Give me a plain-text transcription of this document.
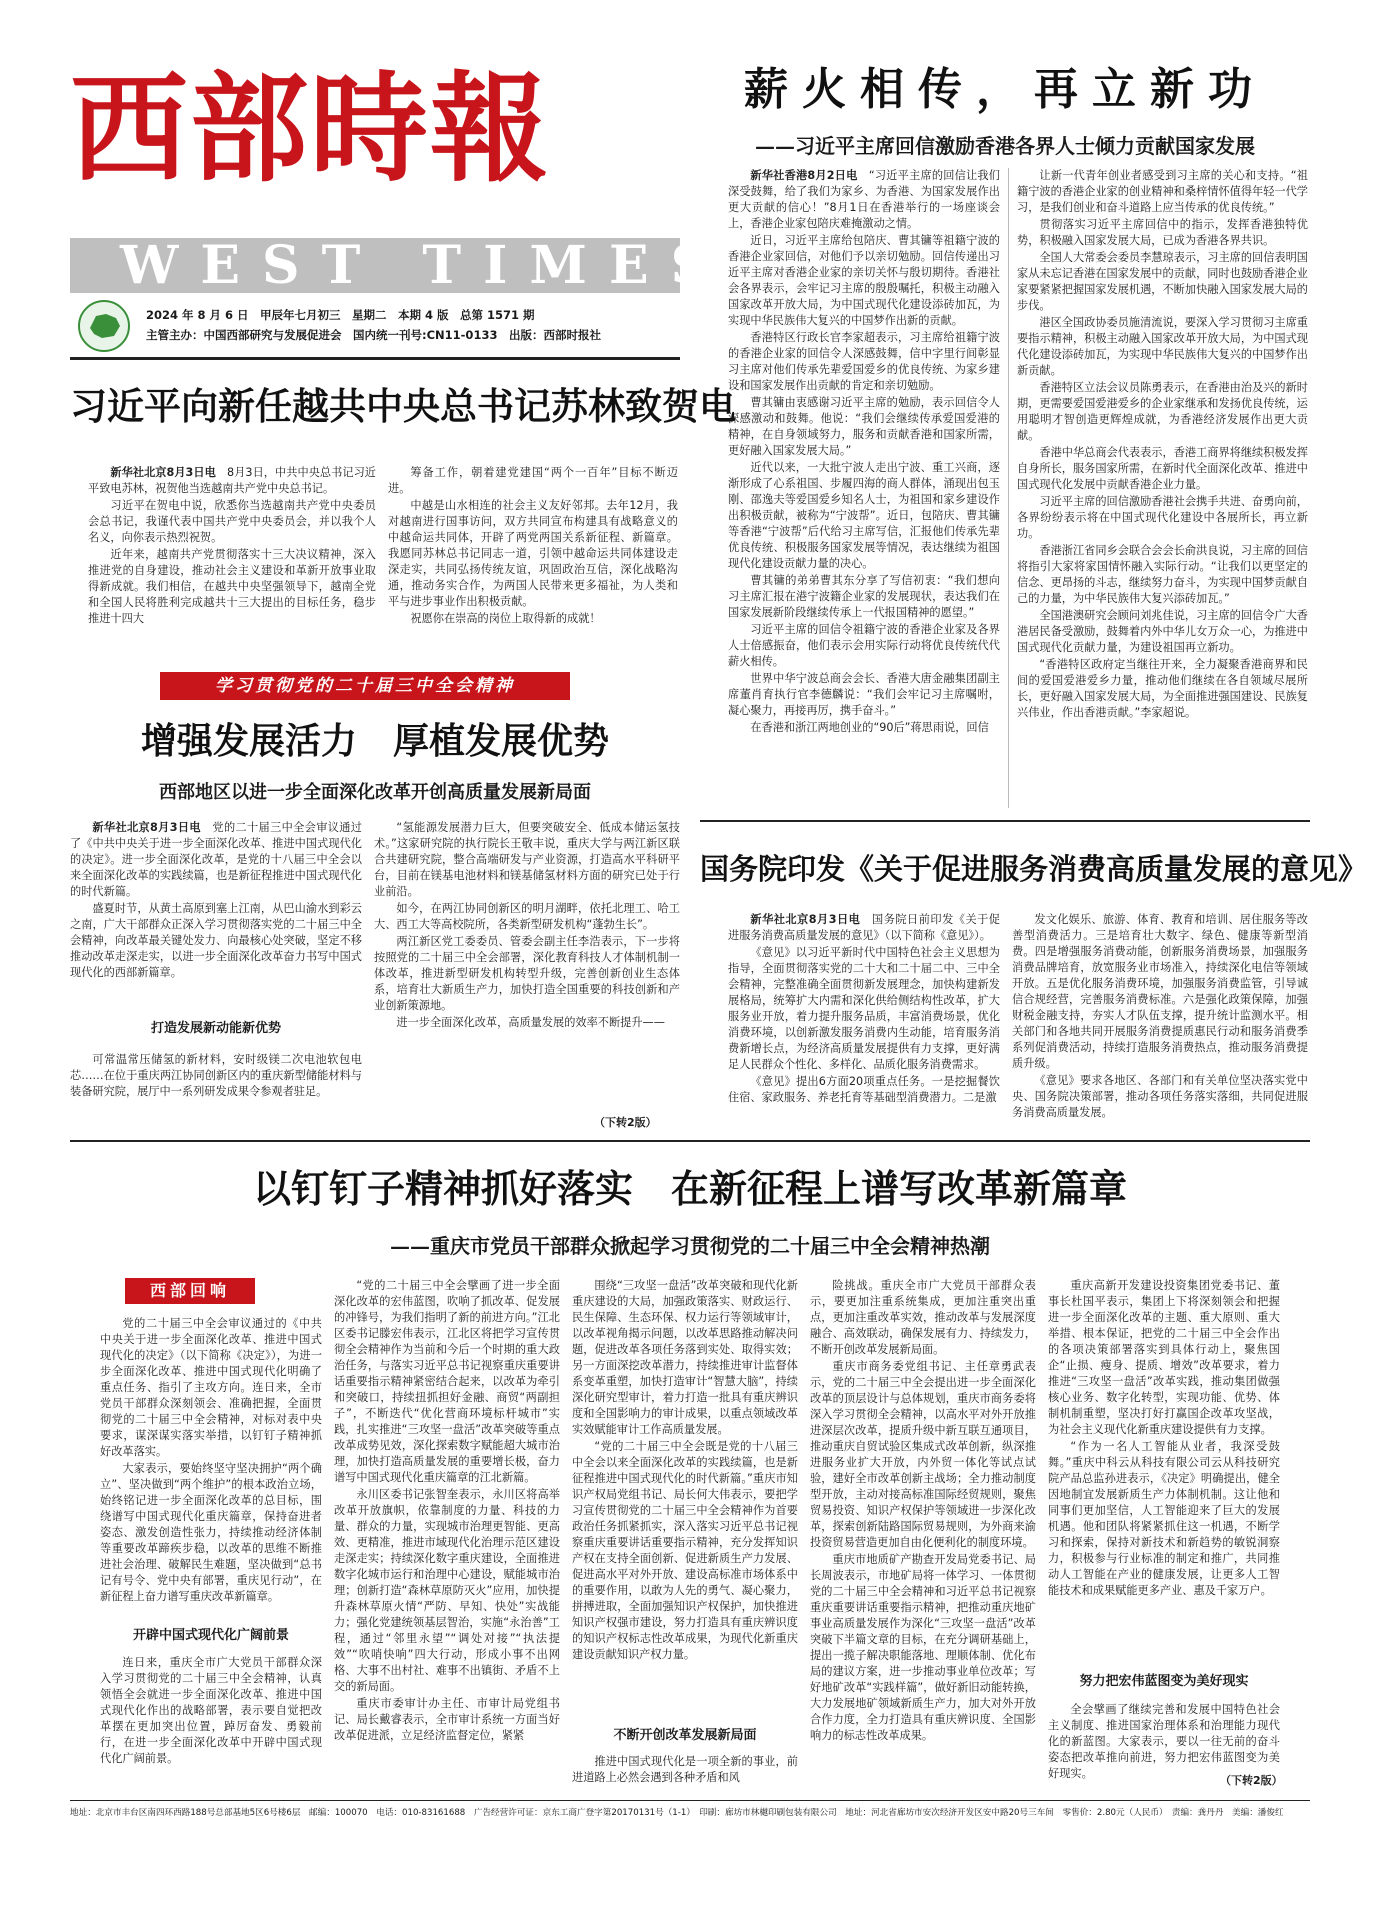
西部時報
WEST TIMES
2024 年 8 月 6 日　甲辰年七月初三　星期二　本期 4 版　总第 1571 期
主管主办：中国西部研究与发展促进会　国内统一刊号:CN11-0133　出版：西部时报社
薪火相传，再立新功
——习近平主席回信激励香港各界人士倾力贡献国家发展

新华社香港8月2日电　“习近平主席的回信让我们深受鼓舞，给了我们为家乡、为香港、为国家发展作出更大贡献的信心！”8月1日在香港举行的一场座谈会上，香港企业家包陪庆难掩激动之情。

近日，习近平主席给包陪庆、曹其镛等祖籍宁波的香港企业家回信，对他们予以亲切勉励。回信传递出习近平主席对香港企业家的亲切关怀与殷切期待。香港社会各界表示，会牢记习主席的殷殷嘱托，积极主动融入国家改革开放大局，为中国式现代化建设添砖加瓦，为实现中华民族伟大复兴的中国梦作出新的贡献。

香港特区行政长官李家超表示，习主席给祖籍宁波的香港企业家的回信令人深感鼓舞，信中字里行间彰显习主席对他们传承先辈爱国爱乡的优良传统、为家乡建设和国家发展作出贡献的肯定和亲切勉励。

曹其镛由衷感谢习近平主席的勉励，表示回信令人深感激动和鼓舞。他说：“我们会继续传承爱国爱港的精神，在自身领域努力，服务和贡献香港和国家所需，更好融入国家发展大局。”

近代以来，一大批宁波人走出宁波、重工兴商，逐渐形成了心系祖国、步履四海的商人群体，涌现出包玉刚、邵逸夫等爱国爱乡知名人士，为祖国和家乡建设作出积极贡献，被称为“宁波帮”。近日，包陪庆、曹其镛等香港“宁波帮”后代给习主席写信，汇报他们传承先辈优良传统、积极服务国家发展等情况，表达继续为祖国现代化建设贡献力量的决心。

曹其镛的弟弟曹其东分享了写信初衷：“我们想向习主席汇报在港宁波籍企业家的发展现状，表达我们在国家发展新阶段继续传承上一代报国精神的愿望。”

习近平主席的回信令祖籍宁波的香港企业家及各界人士倍感振奋，他们表示会用实际行动将优良传统代代薪火相传。

世界中华宁波总商会会长、香港大唐金融集团副主席董肖育执行官李德麟说：“我们会牢记习主席嘱咐，凝心聚力，再接再厉，携手奋斗。”

在香港和浙江两地创业的“90后”蒋思雨说，回信

让新一代青年创业者感受到习主席的关心和支持。“祖籍宁波的香港企业家的创业精神和桑梓情怀值得年轻一代学习，是我们创业和奋斗道路上应当传承的优良传统。”

贯彻落实习近平主席回信中的指示，发挥香港独特优势，积极融入国家发展大局，已成为香港各界共识。

全国人大常委会委员李慧琼表示，习主席的回信表明国家从未忘记香港在国家发展中的贡献，同时也鼓励香港企业家要紧紧把握国家发展机遇，不断加快融入国家发展大局的步伐。

港区全国政协委员施清流说，要深入学习贯彻习主席重要指示精神，积极主动融入国家改革开放大局，为中国式现代化建设添砖加瓦，为实现中华民族伟大复兴的中国梦作出新贡献。

香港特区立法会议员陈勇表示，在香港由治及兴的新时期，更需要爱国爱港爱乡的企业家继承和发扬优良传统，运用聪明才智创造更辉煌成就，为香港经济发展作出更大贡献。

香港中华总商会代表表示，香港工商界将继续积极发挥自身所长，服务国家所需，在新时代全面深化改革、推进中国式现代化发展中贡献香港企业力量。

习近平主席的回信激励香港社会携手共进、奋勇向前，各界纷纷表示将在中国式现代化建设中各展所长，再立新功。

香港浙江省同乡会联合会会长俞洪良说，习主席的回信将指引大家将家国情怀融入实际行动。“让我们以更坚定的信念、更昂扬的斗志，继续努力奋斗，为实现中国梦贡献自己的力量，为中华民族伟大复兴添砖加瓦。”

全国港澳研究会顾问刘兆佳说，习主席的回信令广大香港居民备受激励，鼓舞着内外中华儿女万众一心，为推进中国式现代化贡献力量，为建设祖国再立新功。

“香港特区政府定当继往开来，全力凝聚香港商界和民间的爱国爱港爱乡力量，推动他们继续在各自领域尽展所长，更好融入国家发展大局，为全面推进强国建设、民族复兴伟业，作出香港贡献。”李家超说。

习近平向新任越共中央总书记苏林致贺电

新华社北京8月3日电　8月3日，中共中央总书记习近平致电苏林，祝贺他当选越南共产党中央总书记。

习近平在贺电中说，欣悉你当选越南共产党中央委员会总书记，我谨代表中国共产党中央委员会，并以我个人名义，向你表示热烈祝贺。

近年来，越南共产党贯彻落实十三大决议精神，深入推进党的自身建设，推动社会主义建设和革新开放事业取得新成就。我们相信，在越共中央坚强领导下，越南全党和全国人民将胜利完成越共十三大提出的目标任务，稳步推进十四大

筹备工作，朝着建党建国“两个一百年”目标不断迈进。

中越是山水相连的社会主义友好邻邦。去年12月，我对越南进行国事访问，双方共同宣布构建具有战略意义的中越命运共同体，开辟了两党两国关系新征程、新篇章。我愿同苏林总书记同志一道，引领中越命运共同体建设走深走实，共同弘扬传统友谊，巩固政治互信，深化战略沟通，推动务实合作，为两国人民带来更多福祉，为人类和平与进步事业作出积极贡献。

祝愿你在崇高的岗位上取得新的成就！

学习贯彻党的二十届三中全会精神
增强发展活力　厚植发展优势
西部地区以进一步全面深化改革开创高质量发展新局面

新华社北京8月3日电　党的二十届三中全会审议通过了《中共中央关于进一步全面深化改革、推进中国式现代化的决定》。进一步全面深化改革，是党的十八届三中全会以来全面深化改革的实践续篇，也是新征程推进中国式现代化的时代新篇。

盛夏时节，从黄土高原到塞上江南，从巴山渝水到彩云之南，广大干部群众正深入学习贯彻落实党的二十届三中全会精神，向改革最关键处发力、向最核心处突破，坚定不移推动改革走深走实，以进一步全面深化改革奋力书写中国式现代化的西部新篇章。

打造发展新动能新优势

可常温常压储氢的新材料，安时级镁二次电池软包电芯……在位于重庆两江协同创新区内的重庆新型储能材料与装备研究院，展厅中一系列研发成果令参观者驻足。

“氢能源发展潜力巨大，但要突破安全、低成本储运氢技术。”这家研究院的执行院长王敬丰说，重庆大学与两江新区联合共建研究院，整合高端研发与产业资源，打造高水平科研平台，目前在镁基电池材料和镁基储氢材料方面的研究已处于行业前沿。

如今，在两江协同创新区的明月湖畔，依托北理工、哈工大、西工大等高校院所，各类新型研发机构“蓬勃生长”。

两江新区党工委委员、管委会副主任李浩表示，下一步将按照党的二十届三中全会部署，深化教育科技人才体制机制一体改革，推进新型研发机构转型升级，完善创新创业生态体系，培育壮大新质生产力，加快打造全国重要的科技创新和产业创新策源地。

进一步全面深化改革，高质量发展的效率不断提升——

（下转2版）
国务院印发《关于促进服务消费高质量发展的意见》

新华社北京8月3日电　国务院日前印发《关于促进服务消费高质量发展的意见》（以下简称《意见》）。

《意见》以习近平新时代中国特色社会主义思想为指导，全面贯彻落实党的二十大和二十届二中、三中全会精神，完整准确全面贯彻新发展理念，加快构建新发展格局，统筹扩大内需和深化供给侧结构性改革，扩大服务业开放，着力提升服务品质，丰富消费场景，优化消费环境，以创新激发服务消费内生动能，培育服务消费新增长点，为经济高质量发展提供有力支撑，更好满足人民群众个性化、多样化、品质化服务消费需求。

《意见》提出6方面20项重点任务。一是挖掘餐饮住宿、家政服务、养老托育等基础型消费潜力。二是激

发文化娱乐、旅游、体育、教育和培训、居住服务等改善型消费活力。三是培育壮大数字、绿色、健康等新型消费。四是增强服务消费动能，创新服务消费场景，加强服务消费品牌培育，放宽服务业市场准入，持续深化电信等领域开放。五是优化服务消费环境，加强服务消费监管，引导诚信合规经营，完善服务消费标准。六是强化政策保障，加强财税金融支持，夯实人才队伍支撑，提升统计监测水平。相关部门和各地共同开展服务消费提质惠民行动和服务消费季系列促消费活动，持续打造服务消费热点，推动服务消费提质升级。

《意见》要求各地区、各部门和有关单位坚决落实党中央、国务院决策部署，推动各项任务落实落细，共同促进服务消费高质量发展。

以钉钉子精神抓好落实　在新征程上谱写改革新篇章
——重庆市党员干部群众掀起学习贯彻党的二十届三中全会精神热潮
西部回响

党的二十届三中全会审议通过的《中共中央关于进一步全面深化改革、推进中国式现代化的决定》（以下简称《决定》），为进一步全面深化改革、推进中国式现代化明确了重点任务、指引了主攻方向。连日来，全市党员干部群众深刻领会、准确把握，全面贯彻党的二十届三中全会精神，对标对表中央要求，谋深谋实落实举措，以钉钉子精神抓好改革落实。

大家表示，要始终坚守坚决拥护“两个确立”、坚决做到“两个维护”的根本政治立场，始终铭记进一步全面深化改革的总目标，围绕谱写中国式现代化重庆篇章，保持奋进者姿态、激发创造性张力，持续推动经济体制等重要改革蹄疾步稳，以改革的思维不断推进社会治理、破解民生难题，坚决做到“总书记有号令、党中央有部署，重庆见行动”，在新征程上奋力谱写重庆改革新篇章。

开辟中国式现代化广阔前景

连日来，重庆全市广大党员干部群众深入学习贯彻党的二十届三中全会精神，认真领悟全会就进一步全面深化改革、推进中国式现代化作出的战略部署，表示要自觉把改革摆在更加突出位置，踔厉奋发、勇毅前行，在进一步全面深化改革中开辟中国式现代化广阔前景。

“党的二十届三中全会擘画了进一步全面深化改革的宏伟蓝图，吹响了抓改革、促发展的冲锋号，为我们指明了新的前进方向。”江北区委书记滕宏伟表示，江北区将把学习宣传贯彻全会精神作为当前和今后一个时期的重大政治任务，与落实习近平总书记视察重庆重要讲话重要指示精神紧密结合起来，以改革为牵引和突破口，持续扭抓担好金融、商贸“两副担子”，不断迭代“优化营商环境标杆城市”实践，扎实推进“三攻坚一盘活”改革突破等重点改革成势见效，深化探索数字赋能超大城市治理，加快打造高质量发展的重要增长极，奋力谱写中国式现代化重庆篇章的江北新篇。

永川区委书记张智奎表示，永川区将高举改革开放旗帜，依靠制度的力量、科技的力量、群众的力量，实现城市治理更智能、更高效、更精准，推进市域现代化治理示范区建设走深走实；持续深化数字重庆建设，全面推进数字化城市运行和治理中心建设，赋能城市治理；创新打造“森林草原防灭火”应用，加快提升森林草原火情“严防、早知、快处”实战能力；强化党建统领基层智治，实施“永治善”工程，通过“邻里永望”“调处对接”“执法提效”“吹哨快响”四大行动，形成小事不出网格、大事不出村社、难事不出镇街、矛盾不上交的新局面。

重庆市委审计办主任、市审计局党组书记、局长戴睿表示，全市审计系统一方面当好改革促进派，立足经济监督定位，紧紧

围绕“三攻坚一盘活”改革突破和现代化新重庆建设的大局，加强政策落实、财政运行、民生保障、生态环保、权力运行等领域审计，以改革视角揭示问题，以改革思路推动解决问题，促进改革各项任务落到实处、取得实效；另一方面深挖改革潜力，持续推进审计监督体系变革重塑，加快打造审计“智慧大脑”，持续深化研究型审计，着力打造一批具有重庆辨识度和全国影响力的审计成果，以重点领域改革实效赋能审计工作高质量发展。

“党的二十届三中全会既是党的十八届三中全会以来全面深化改革的实践续篇，也是新征程推进中国式现代化的时代新篇。”重庆市知识产权局党组书记、局长何大伟表示，要把学习宣传贯彻党的二十届三中全会精神作为首要政治任务抓紧抓实，深入落实习近平总书记视察重庆重要讲话重要指示精神，充分发挥知识产权在支持全面创新、促进新质生产力发展、促进高水平对外开放、建设高标准市场体系中的重要作用，以敢为人先的勇气、凝心聚力，拼搏进取，全面加强知识产权保护，加快推进知识产权强市建设，努力打造具有重庆辨识度的知识产权标志性改革成果，为现代化新重庆建设贡献知识产权力量。

不断开创改革发展新局面

推进中国式现代化是一项全新的事业，前进道路上必然会遇到各种矛盾和风

险挑战。重庆全市广大党员干部群众表示，要更加注重系统集成，更加注重突出重点，更加注重改革实效，推动改革与发展深度融合、高效联动，确保发展有力、持续发力，不断开创改革发展新局面。

重庆市商务委党组书记、主任章勇武表示，党的二十届三中全会提出进一步全面深化改革的顶层设计与总体规划，重庆市商务委将深入学习贯彻全会精神，以高水平对外开放推进深层次改革，提质升级中新互联互通项目，推动重庆自贸试验区集成式改革创新，纵深推进服务业扩大开放，内外贸一体化等试点试验，建好全市改革创新主战场；全力推动制度型开放，主动对接高标准国际经贸规则，聚焦贸易投资、知识产权保护等领域进一步深化改革，探索创新陆路国际贸易规则，为外商来渝投资贸易营造更加自由化便利化的制度环境。

重庆市地质矿产勘查开发局党委书记、局长周波表示，市地矿局将一体学习、一体贯彻党的二十届三中全会精神和习近平总书记视察重庆重要讲话重要指示精神，把推动重庆地矿事业高质量发展作为深化“三攻坚一盘活”改革突破下半篇文章的目标，在充分调研基础上，提出一揽子解决职能落地、理顺体制、优化布局的建议方案，进一步推动事业单位改革；写好地矿改革“实践样篇”，做好新旧动能转换，大力发展地矿领域新质生产力，加大对外开放合作力度，全力打造具有重庆辨识度、全国影响力的标志性改革成果。

重庆高新开发建设投资集团党委书记、董事长杜国平表示，集团上下将深刻领会和把握进一步全面深化改革的主题、重大原则、重大举措、根本保证，把党的二十届三中全会作出的各项决策部署落实到具体行动上，聚焦国企“止损、瘦身、提质、增效”改革要求，着力推进“三攻坚一盘活”改革实践，推动集团做强核心业务、数字化转型，实现功能、优势、体制机制重塑，坚决打好打赢国企改革攻坚战，为社会主义现代化新重庆建设提供有力支撑。

“作为一名人工智能从业者，我深受鼓舞。”重庆中科云从科技有限公司云从科技研究院产品总监孙进表示，《决定》明确提出，健全因地制宜发展新质生产力体制机制。这让他和同事们更加坚信，人工智能迎来了巨大的发展机遇。他和团队将紧紧抓住这一机遇，不断学习和探索，保持对新技术和新趋势的敏锐洞察力，积极参与行业标准的制定和推广，共同推动人工智能在产业的健康发展，让更多人工智能技术和成果赋能更多产业、惠及千家万户。

努力把宏伟蓝图变为美好现实

全会擘画了继续完善和发展中国特色社会主义制度、推进国家治理体系和治理能力现代化的新蓝图。大家表示，要以一往无前的奋斗姿态把改革推向前进，努力把宏伟蓝图变为美好现实。

（下转2版）
地址：北京市丰台区南四环西路188号总部基地5区6号楼6层　邮编：100070　电话：010-83161688　广告经营许可证：京东工商广登字第20170131号（1-1）　印刷：廊坊市林樾印刷包装有限公司　地址：河北省廊坊市安次经济开发区安中路20号三车间　零售价：2.80元（人民币）　责编：龚丹丹　美编：潘俊红
